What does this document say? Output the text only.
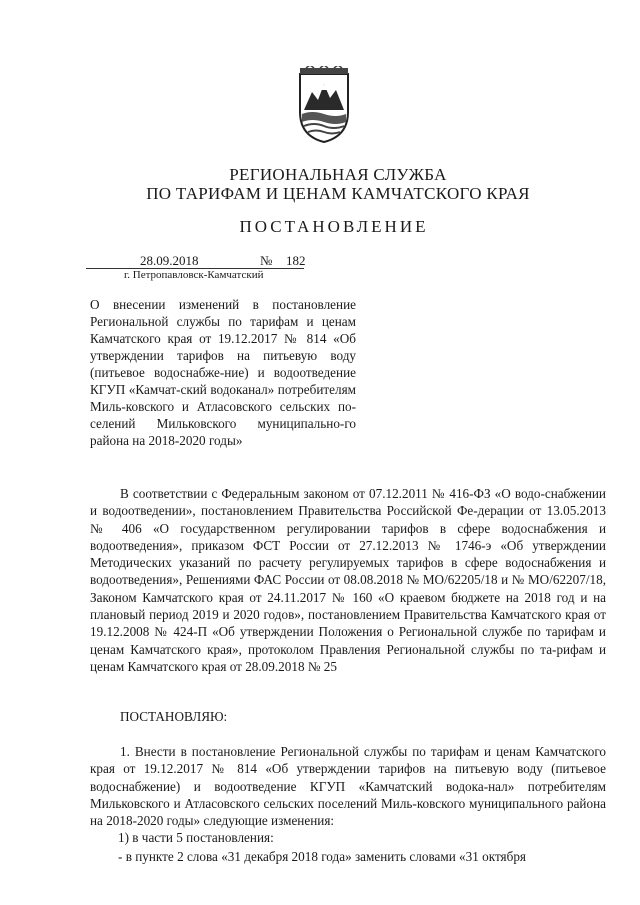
РЕГИОНАЛЬНАЯ СЛУЖБА
ПО ТАРИФАМ И ЦЕНАМ КАМЧАТСКОГО КРАЯ
ПОСТАНОВЛЕНИЕ
28.09.2018	№ 182
г. Петропавловск-Камчатский
О внесении изменений в постановление Региональной службы по тарифам и ценам Камчатского края от 19.12.2017 № 814 «Об утверждении тарифов на питьевую воду (питьевое водоснабже-ние) и водоотведение КГУП «Камчат-ский водоканал» потребителям Миль-ковского и Атласовского сельских по-селений Мильковского муниципально-го района на 2018-2020 годы»

В соответствии с Федеральным законом от 07.12.2011 № 416-ФЗ «О водо-снабжении и водоотведении», постановлением Правительства Российской Фе-дерации от 13.05.2013 № 406 «О государственном регулировании тарифов в сфере водоснабжения и водоотведения», приказом ФСТ России от 27.12.2013 № 1746-э «Об утверждении Методических указаний по расчету регулируемых тарифов в сфере водоснабжения и водоотведения», Решениями ФАС России от 08.08.2018 № МО/62205/18 и № МО/62207/18, Законом Камчатского края от 24.11.2017 № 160 «О краевом бюджете на 2018 год и на плановый период 2019 и 2020 годов», постановлением Правительства Камчатского края от 19.12.2008 № 424-П «Об утверждении Положения о Региональной службе по тарифам и ценам Камчатского края», протоколом Правления Региональной службы по та-рифам и ценам Камчатского края от 28.09.2018 № 25

ПОСТАНОВЛЯЮ:

1. Внести в постановление Региональной службы по тарифам и ценам Камчатского края от 19.12.2017 № 814 «Об утверждении тарифов на питьевую воду (питьевое водоснабжение) и водоотведение КГУП «Камчатский водока-нал» потребителям Мильковского и Атласовского сельских поселений Миль-ковского муниципального района на 2018-2020 годы» следующие изменения:

1) в части 5 постановления:

- в пункте 2 слова «31 декабря 2018 года» заменить словами «31 октября
